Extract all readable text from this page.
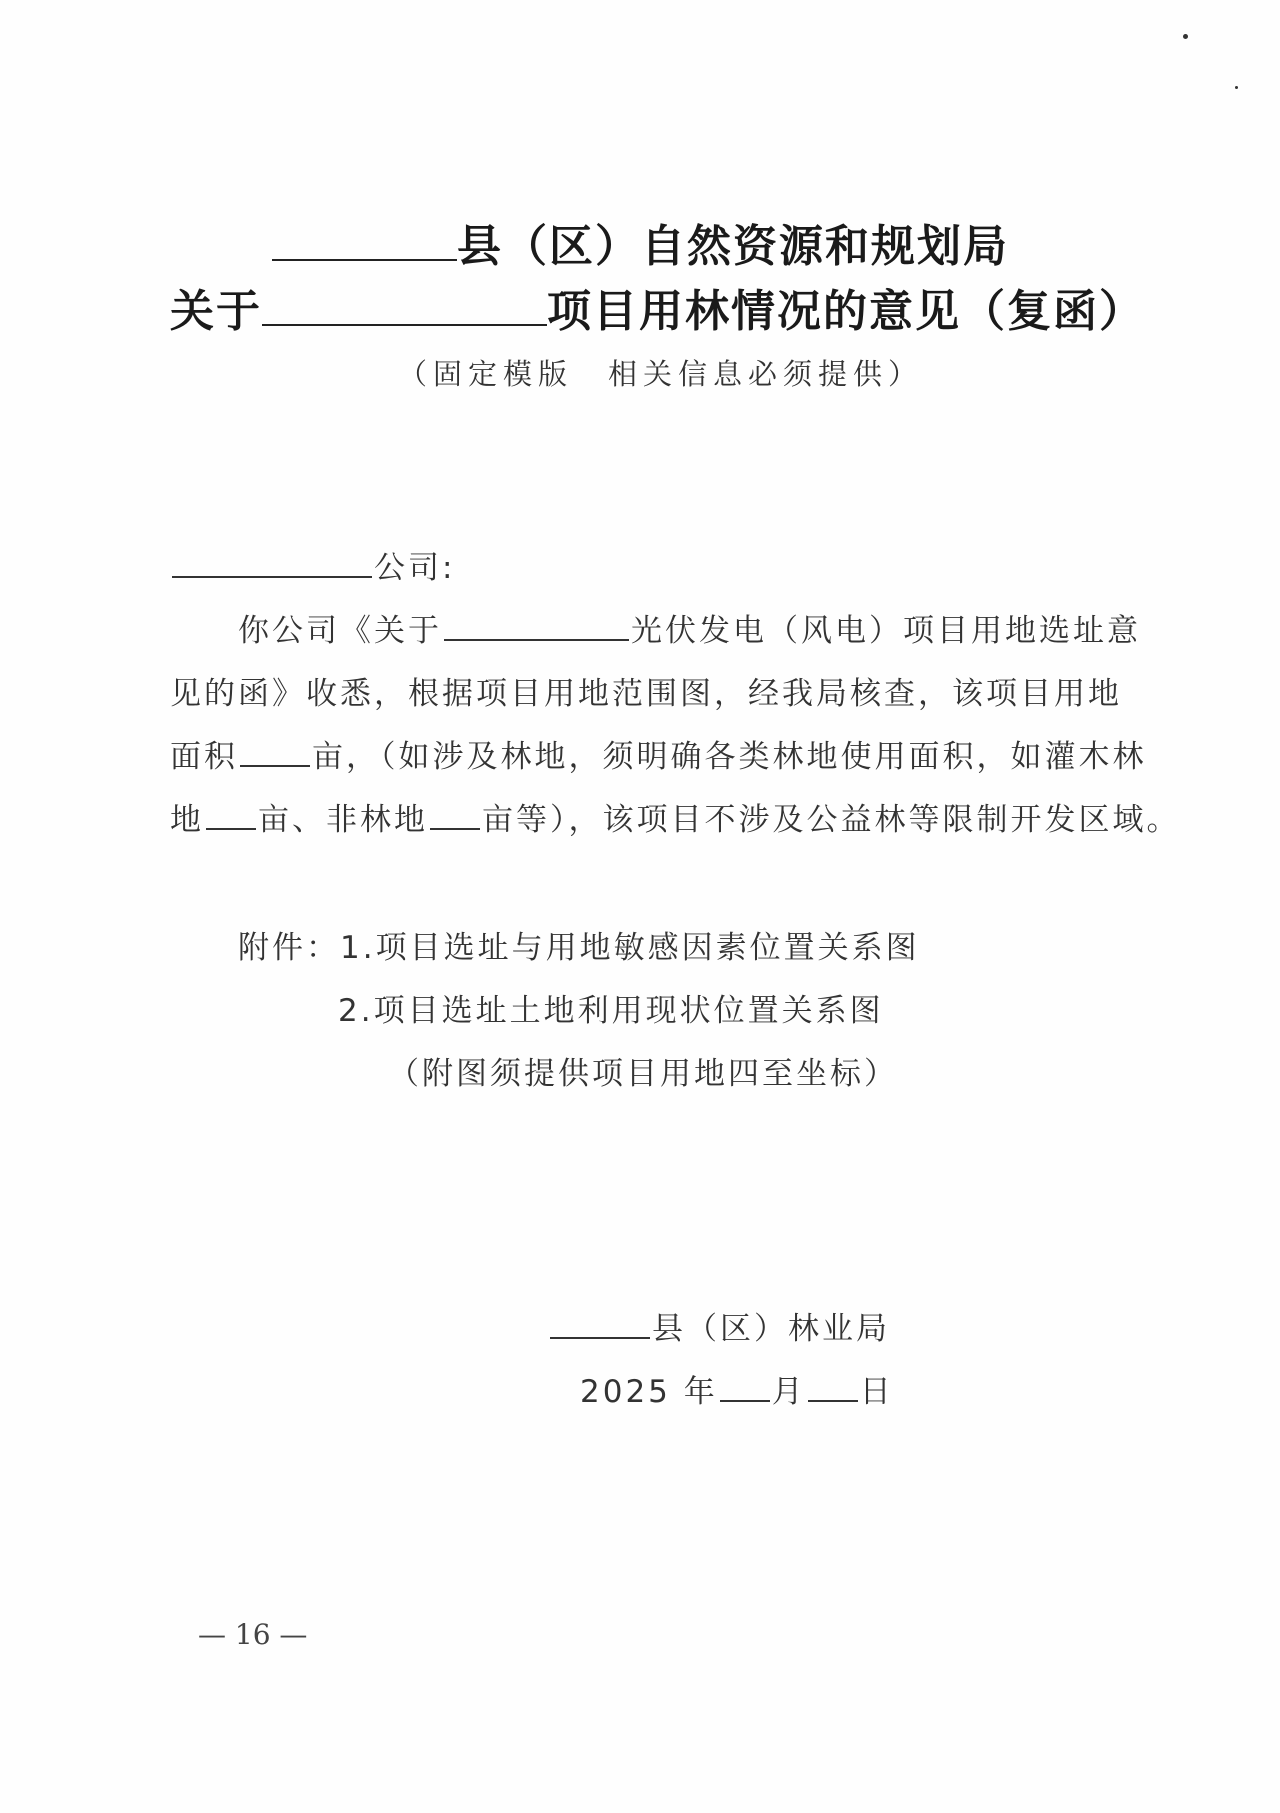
县（区）自然资源和规划局
关于	项目用林情况的意见（复函）
（固定模版　相关信息必须提供）
公司:
你公司《关于	光伏发电（风电）项目用地选址意
见的函》收悉，根据项目用地范围图，经我局核查，该项目用地
面积 亩，（如涉及林地，须明确各类林地使用面积，如灌木林
地 亩、非林地 亩等），该项目不涉及公益林等限制开发区域。
附件：1.项目选址与用地敏感因素位置关系图
2.项目选址土地利用现状位置关系图
（附图须提供项目用地四至坐标）
县（区）林业局
2025 年 月 日
— 16 —
